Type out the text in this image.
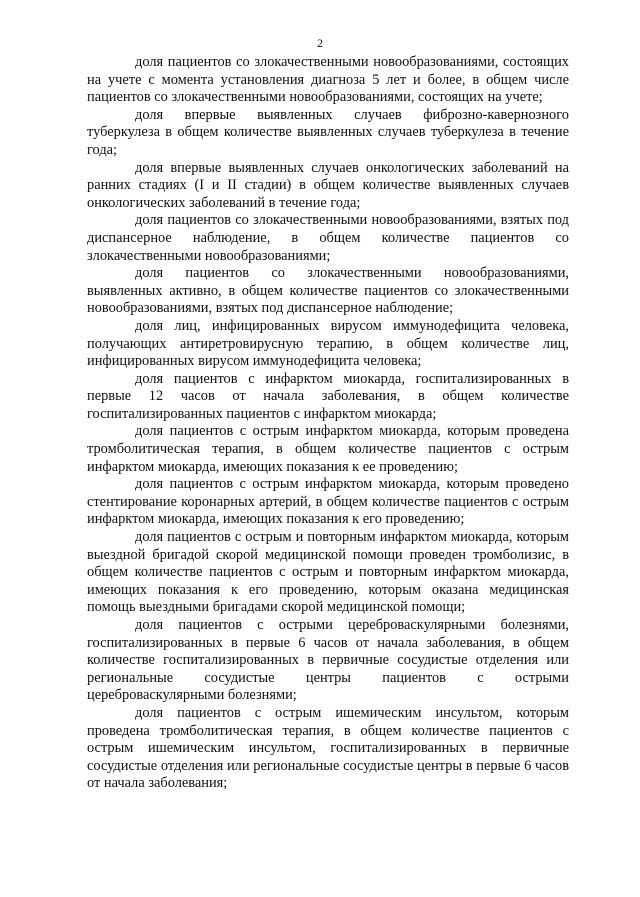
2

доля пациентов со злокачественными новообразованиями, состоящих на учете с момента установления диагноза 5 лет и более, в общем числе пациентов со злокачественными новообразованиями, состоящих на учете;

доля впервые выявленных случаев фиброзно-кавернозного туберкулеза в общем количестве выявленных случаев туберкулеза в течение года;

доля впервые выявленных случаев онкологических заболеваний на ранних стадиях (I и II стадии) в общем количестве выявленных случаев онкологических заболеваний в течение года;

доля пациентов со злокачественными новообразованиями, взятых под диспансерное наблюдение, в общем количестве пациентов со злокачественными новообразованиями;

доля пациентов со злокачественными новообразованиями, выявленных активно, в общем количестве пациентов со злокачественными новообразованиями, взятых под диспансерное наблюдение;

доля лиц, инфицированных вирусом иммунодефицита человека, получающих антиретровирусную терапию, в общем количестве лиц, инфицированных вирусом иммунодефицита человека;

доля пациентов с инфарктом миокарда, госпитализированных в первые 12 часов от начала заболевания, в общем количестве госпитализированных пациентов с инфарктом миокарда;

доля пациентов с острым инфарктом миокарда, которым проведена тромболитическая терапия, в общем количестве пациентов с острым инфарктом миокарда, имеющих показания к ее проведению;

доля пациентов с острым инфарктом миокарда, которым проведено стентирование коронарных артерий, в общем количестве пациентов с острым инфарктом миокарда, имеющих показания к его проведению;

доля пациентов с острым и повторным инфарктом миокарда, которым выездной бригадой скорой медицинской помощи проведен тромболизис, в общем количестве пациентов с острым и повторным инфарктом миокарда, имеющих показания к его проведению, которым оказана медицинская помощь выездными бригадами скорой медицинской помощи;

доля пациентов с острыми цереброваскулярными болезнями, госпитализированных в первые 6 часов от начала заболевания, в общем количестве госпитализированных в первичные сосудистые отделения или региональные сосудистые центры пациентов с острыми цереброваскулярными болезнями;

доля пациентов с острым ишемическим инсультом, которым проведена тромболитическая терапия, в общем количестве пациентов с острым ишемическим инсультом, госпитализированных в первичные сосудистые отделения или региональные сосудистые центры в первые 6 часов от начала заболевания;
